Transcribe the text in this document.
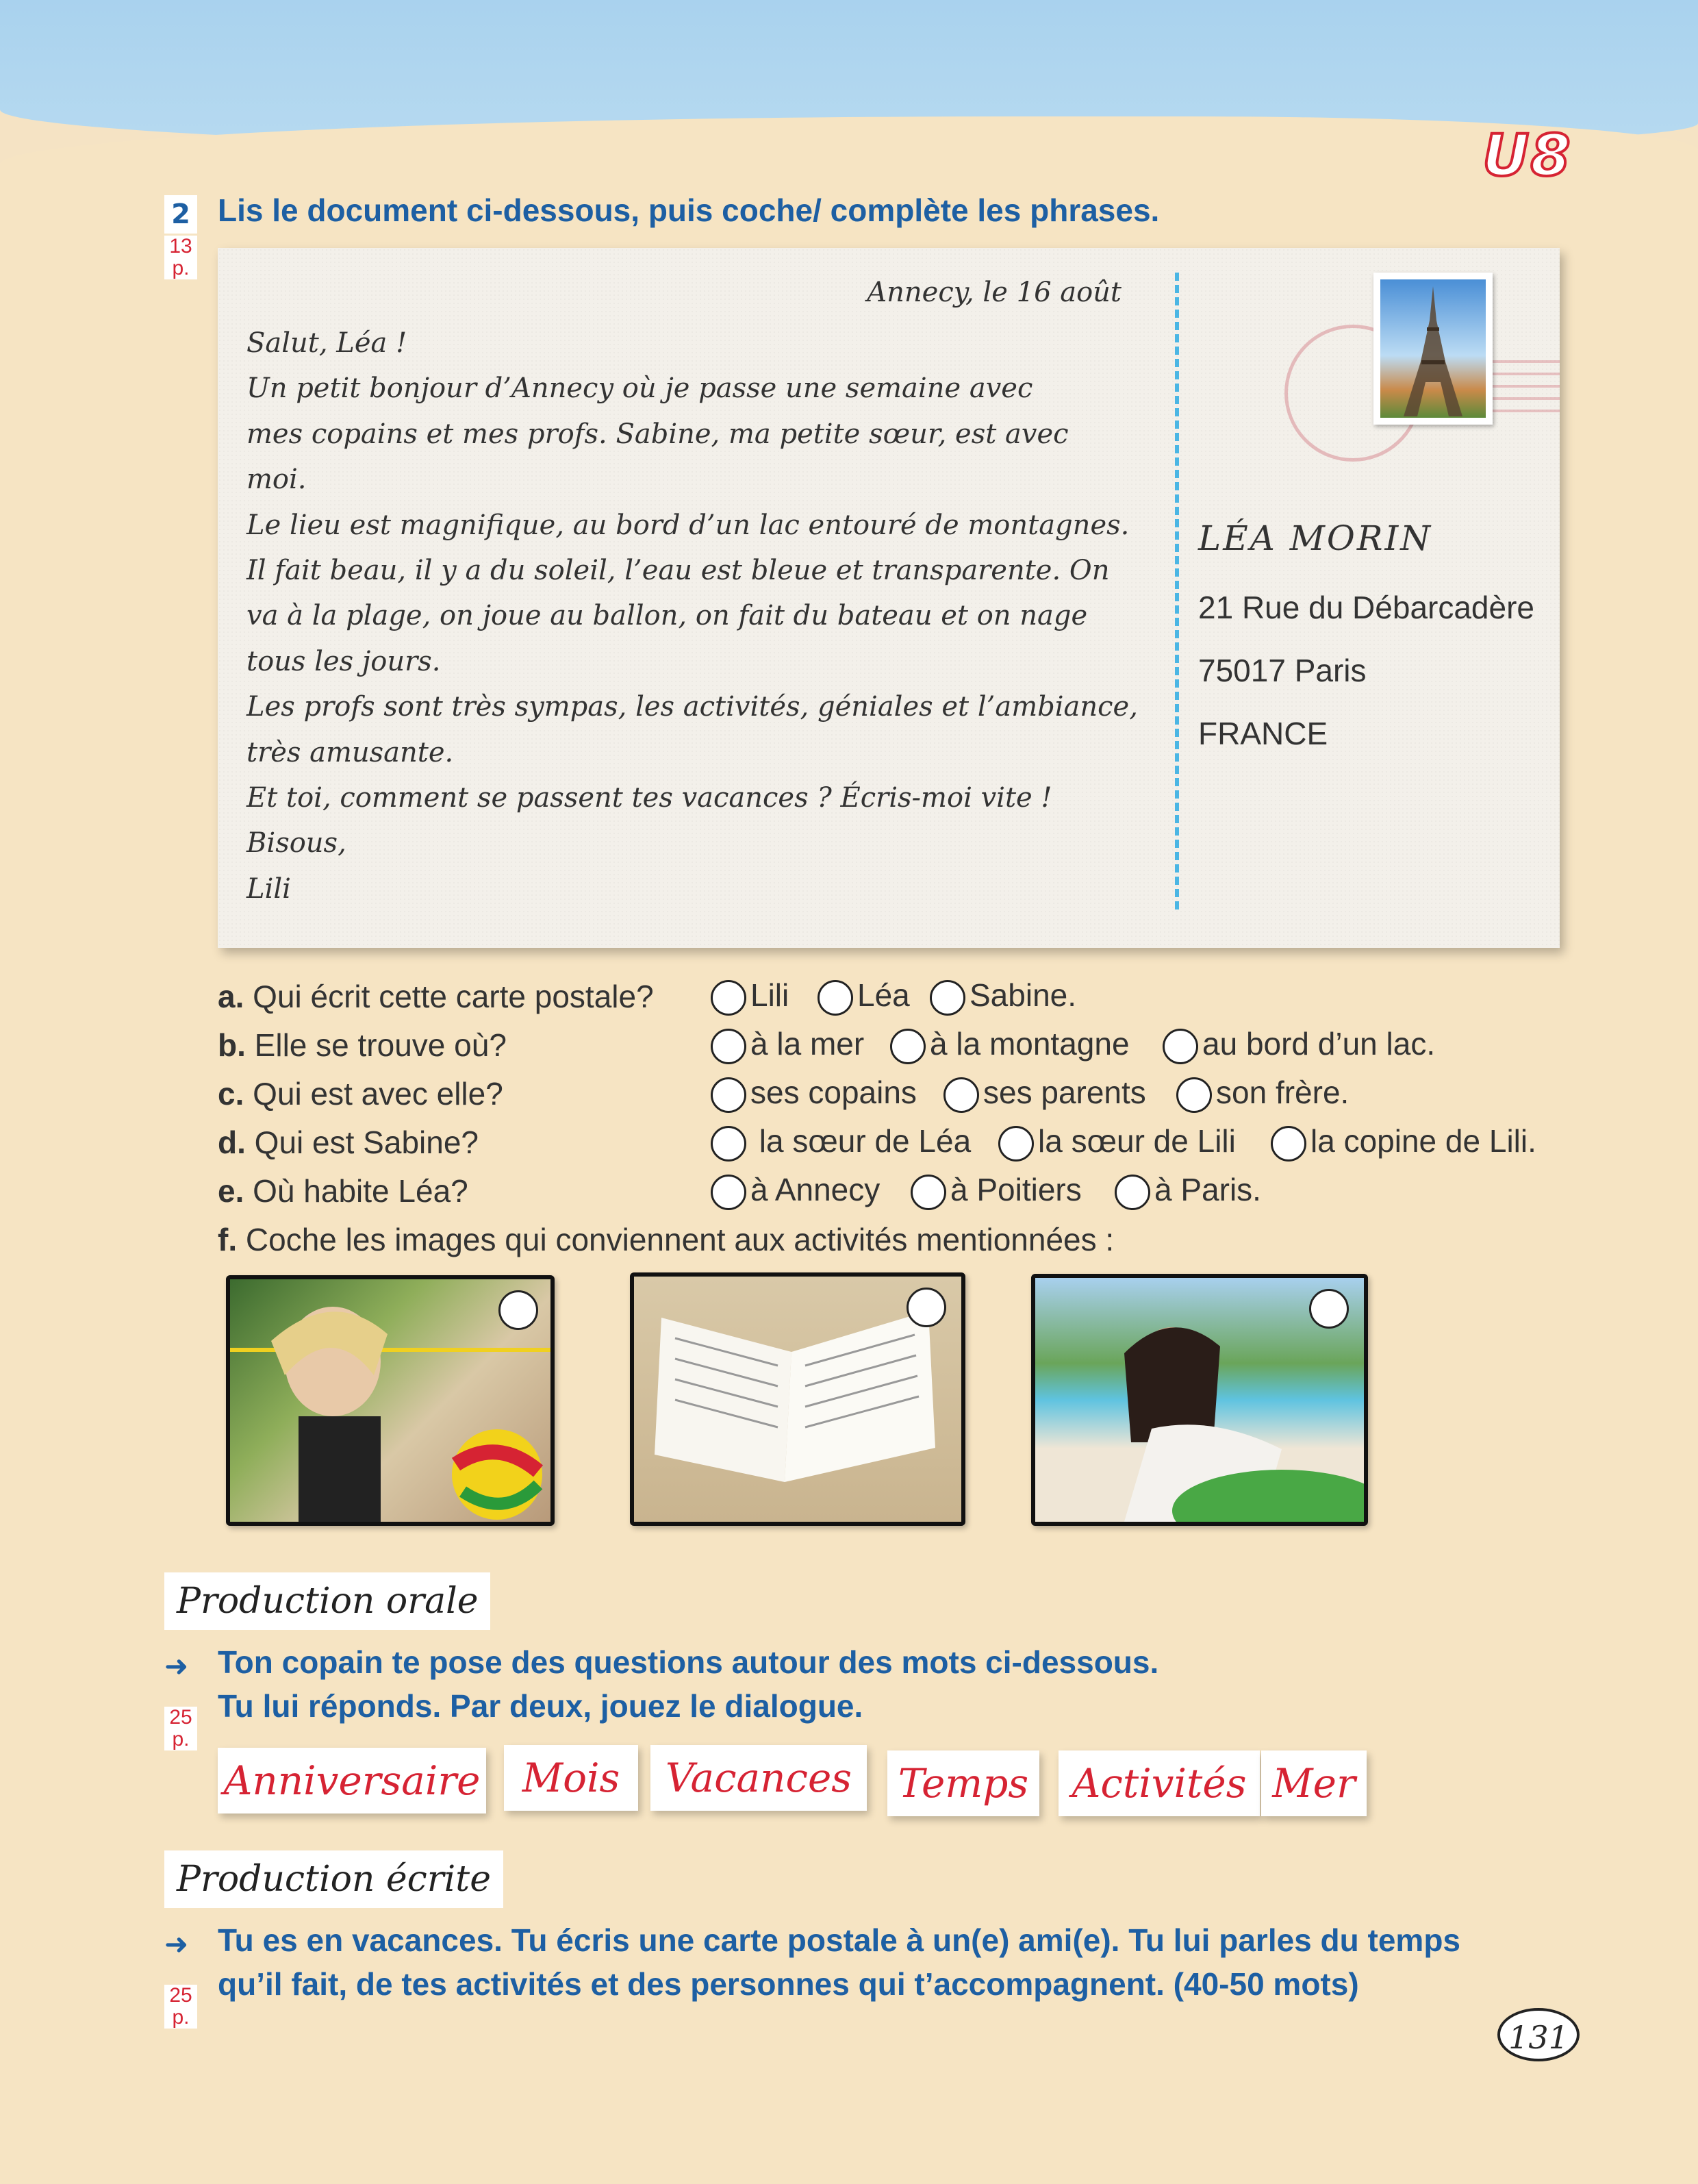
U8
2
13
p.
Lis le document ci-dessous, puis coche/ complète les phrases.
Annecy, le 16 août
Salut, Léa !
Un petit bonjour d’Annecy où je passe une semaine avec
mes copains et mes profs. Sabine, ma petite sœur, est avec
moi.
Le lieu est magnifique, au bord d’un lac entouré de montagnes.
Il fait beau, il y a du soleil, l’eau est bleue et transparente. On
va à la plage, on joue au ballon, on fait du bateau et on nage
tous les jours.
Les profs sont très sympas, les activités, géniales et l’ambiance,
très amusante.
Et toi, comment se passent tes vacances ? Écris-moi vite !
Bisous,
Lili
LÉA MORIN
21 Rue du Débarcadère
75017 Paris
FRANCE
a. Qui écrit cette carte postale?	Lili	Léa	Sabine.
b. Elle se trouve où?	à la mer	à la montagne	au bord d’un lac.
c. Qui est avec elle?	ses copains	ses parents	son frère.
d. Qui est Sabine?	la sœur de Léa	la sœur de Lili	la copine de Lili.
e. Où habite Léa?	à Annecy	à Poitiers	à Paris.
f. Coche les images qui conviennent aux activités mentionnées :
Production orale
➜ Ton copain te pose des questions autour des mots ci-dessous.
Tu lui réponds. Par deux, jouez le dialogue.
25
p.
Anniversaire	Mois	Vacances	Temps	Activités Mer
Production écrite
➜ Tu es en vacances. Tu écris une carte postale à un(e) ami(e). Tu lui parles du temps
qu’il fait, de tes activités et des personnes qui t’accompagnent. (40-50 mots)
25
p.
131
